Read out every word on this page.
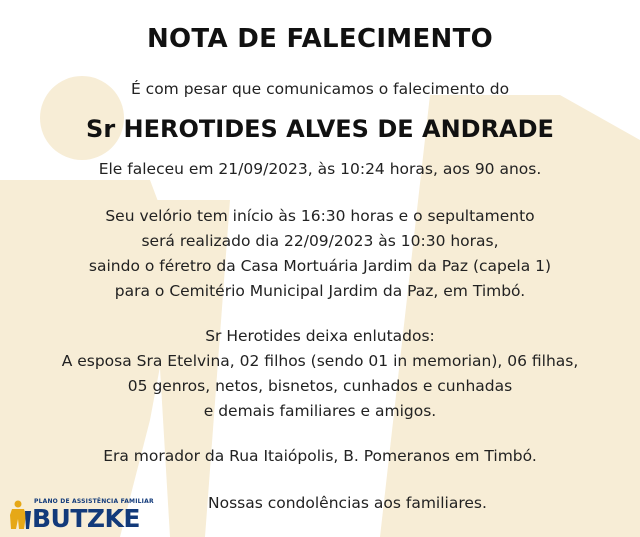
NOTA DE FALECIMENTO
É com pesar que comunicamos o falecimento do
Sr HEROTIDES ALVES DE ANDRADE
Ele faleceu em 21/09/2023, às 10:24 horas, aos 90 anos.
Seu velório tem início às 16:30 horas e o sepultamento
será realizado dia 22/09/2023 às 10:30 horas,
saindo o féretro da Casa Mortuária Jardim da Paz (capela 1)
para o Cemitério Municipal Jardim da Paz, em Timbó.
Sr Herotides deixa enlutados:
A esposa Sra Etelvina, 02 filhos (sendo 01 in memorian), 06 filhas,
05 genros, netos, bisnetos, cunhados e cunhadas
e demais familiares e amigos.
Era morador da Rua Itaiópolis, B. Pomeranos em Timbó.
PLANO DE ASSISTÊNCIA FAMILIAR
BUTZKE
Nossas condolências aos familiares.
